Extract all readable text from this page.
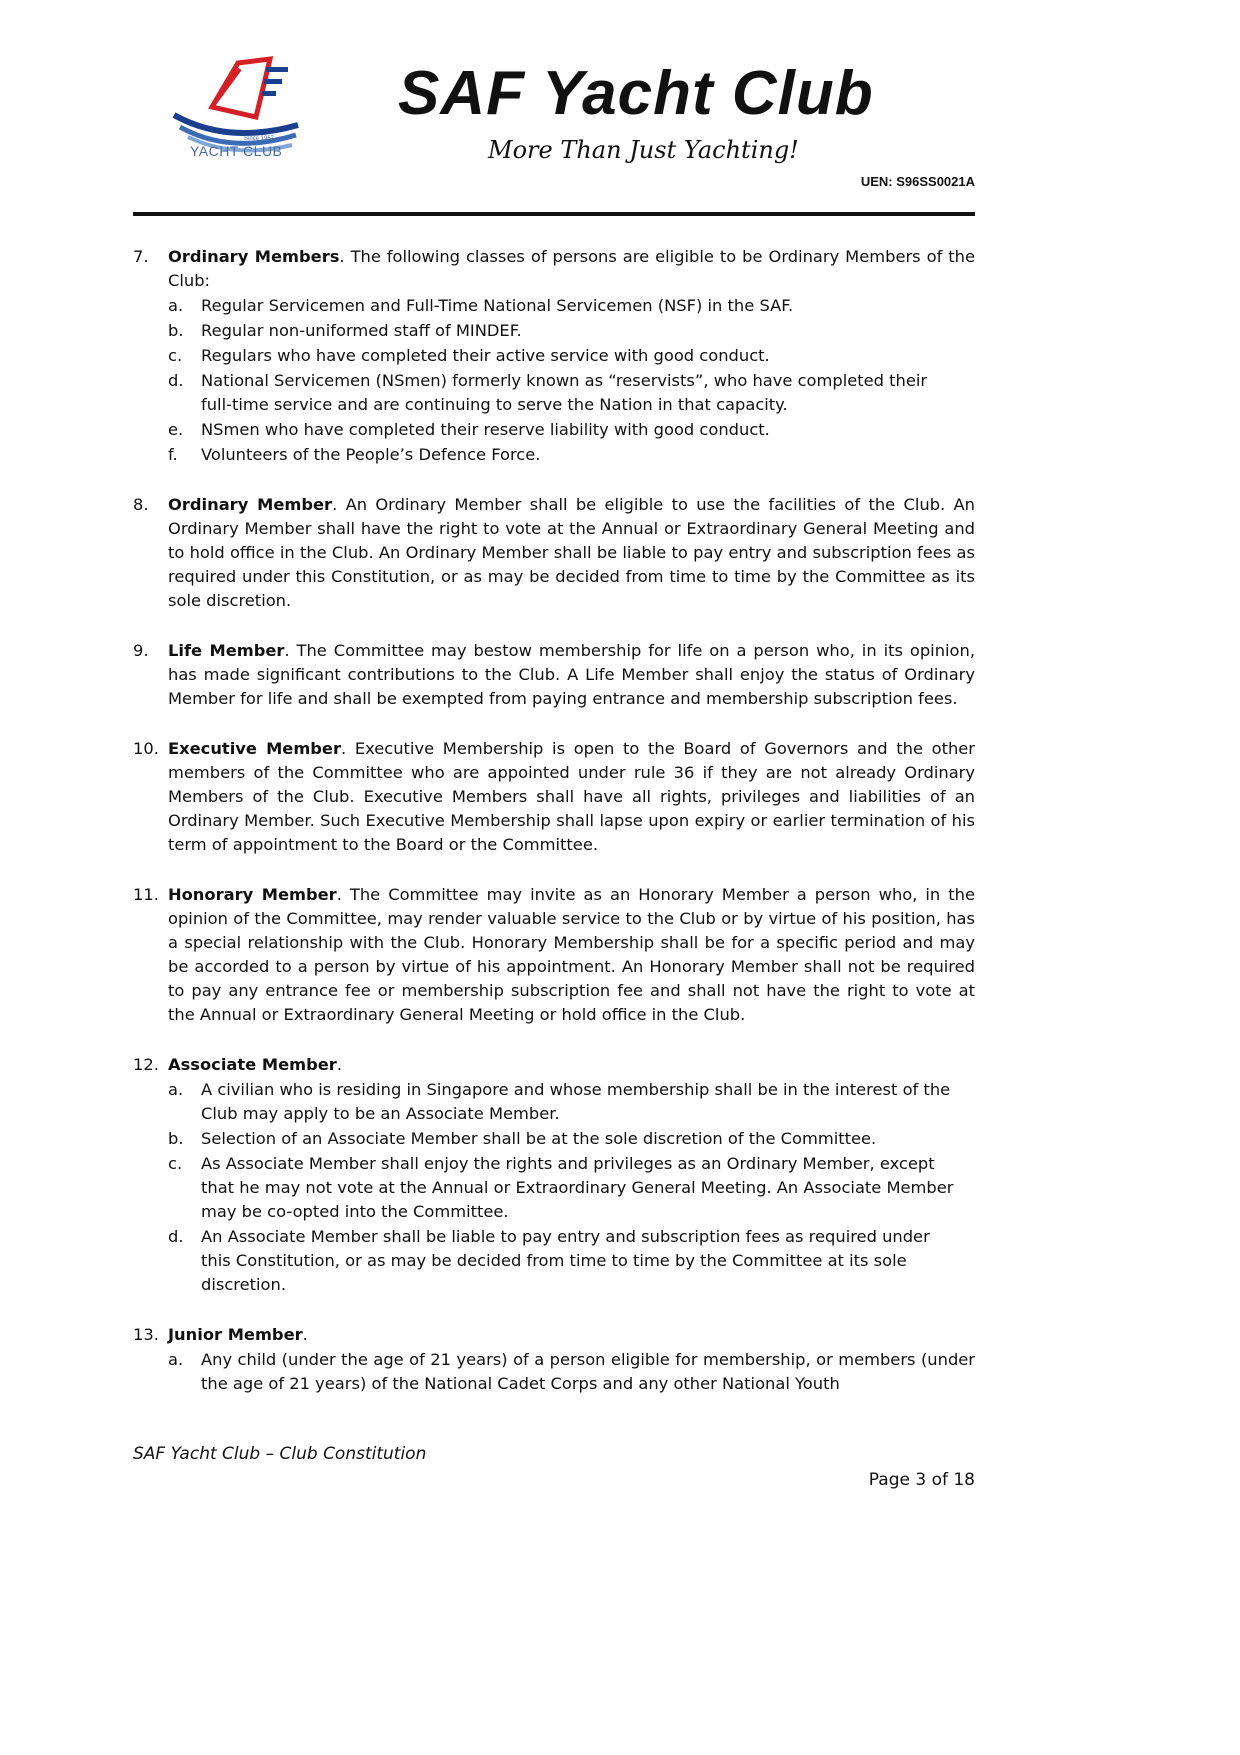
Since 1967
YACHT CLUB
SAF Yacht Club
More Than Just Yachting!
UEN: S96SS0021A
7.	Ordinary Members. The following classes of persons are eligible to be Ordinary Members of the Club:
a.	Regular Servicemen and Full-Time National Servicemen (NSF) in the SAF.
b.	Regular non-uniformed staff of MINDEF.
c.	Regulars who have completed their active service with good conduct.
d.	National Servicemen (NSmen) formerly known as “reservists”, who have completed their full-time service and are continuing to serve the Nation in that capacity.
e.	NSmen who have completed their reserve liability with good conduct.
f.	Volunteers of the People’s Defence Force.
8.	Ordinary Member. An Ordinary Member shall be eligible to use the facilities of the Club. An Ordinary Member shall have the right to vote at the Annual or Extraordinary General Meeting and to hold office in the Club. An Ordinary Member shall be liable to pay entry and subscription fees as required under this Constitution, or as may be decided from time to time by the Committee as its sole discretion.
9.	Life Member. The Committee may bestow membership for life on a person who, in its opinion, has made significant contributions to the Club. A Life Member shall enjoy the status of Ordinary Member for life and shall be exempted from paying entrance and membership subscription fees.
10. Executive Member. Executive Membership is open to the Board of Governors and the other members of the Committee who are appointed under rule 36 if they are not already Ordinary Members of the Club. Executive Members shall have all rights, privileges and liabilities of an Ordinary Member. Such Executive Membership shall lapse upon expiry or earlier termination of his term of appointment to the Board or the Committee.
11. Honorary Member. The Committee may invite as an Honorary Member a person who, in the opinion of the Committee, may render valuable service to the Club or by virtue of his position, has a special relationship with the Club. Honorary Membership shall be for a specific period and may be accorded to a person by virtue of his appointment. An Honorary Member shall not be required to pay any entrance fee or membership subscription fee and shall not have the right to vote at the Annual or Extraordinary General Meeting or hold office in the Club.
12. Associate Member.
a.	A civilian who is residing in Singapore and whose membership shall be in the interest of the Club may apply to be an Associate Member.
b.	Selection of an Associate Member shall be at the sole discretion of the Committee.
c.	As Associate Member shall enjoy the rights and privileges as an Ordinary Member, except that he may not vote at the Annual or Extraordinary General Meeting. An Associate Member may be co-opted into the Committee.
d.	An Associate Member shall be liable to pay entry and subscription fees as required under this Constitution, or as may be decided from time to time by the Committee at its sole discretion.
13. Junior Member.
a.	Any child (under the age of 21 years) of a person eligible for membership, or members (under the age of 21 years) of the National Cadet Corps and any other National Youth
SAF Yacht Club – Club Constitution
Page 3 of 18
